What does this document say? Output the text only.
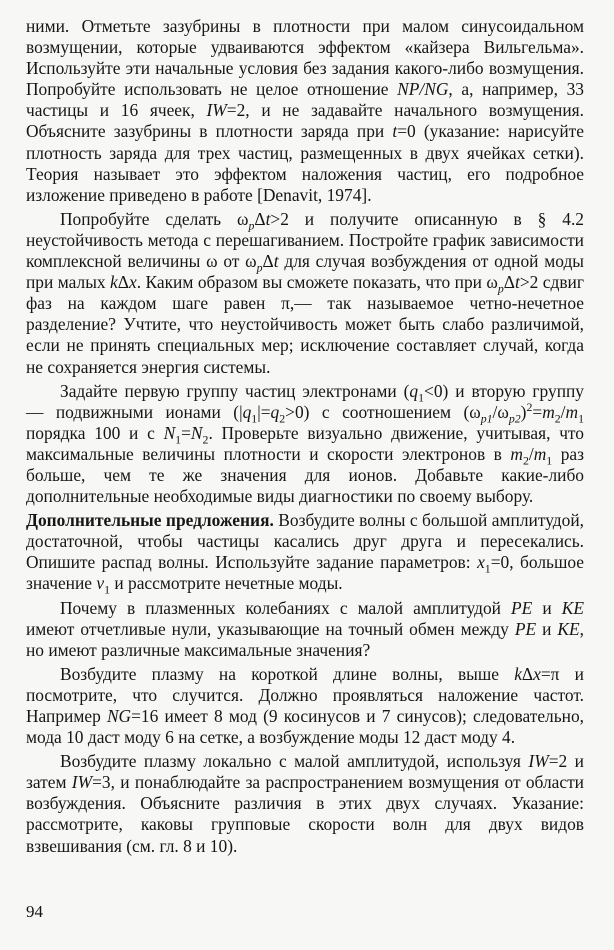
ними. Отметьте зазубрины в плотности при малом синусоидальном возмущении, которые удваиваются эффектом «кайзера Вильгельма». Используйте эти начальные условия без задания какого-либо возмущения. Попробуйте использовать не целое отношение NP/NG, а, например, 33 частицы и 16 ячеек, IW=2, и не задавайте начального возмущения. Объясните зазубрины в плотности заряда при t=0 (указание: нарисуйте плотность заряда для трех частиц, размещенных в двух ячейках сетки). Теория называет это эффектом наложения частиц, его подробное изложение приведено в работе [Denavit, 1974].

Попробуйте сделать $\omega_p\Delta t>2$ и получите описанную в § 4.2 неустойчивость метода с перешагиванием. Постройте график зависимости комплексной величины ω от $\omega_p\Delta t$ для случая возбуждения от одной моды при малых kΔx. Каким образом вы сможете показать, что при $\omega_p\Delta t>2$ сдвиг фаз на каждом шаге равен π,— так называемое четно-нечетное разделение? Учтите, что неустойчивость может быть слабо различимой, если не принять специальных мер; исключение составляет случай, когда не сохраняется энергия системы.

Задайте первую группу частиц электронами $(q_1<0)$ и вторую группу — подвижными ионами $(|q_1|=q_2>0)$ с соотношением $(\omega_{p1}/\omega_{p2})^2=m_2/m_1$ порядка 100 и с $N_1=N_2$. Проверьте визуально движение, учитывая, что максимальные величины плотности и скорости электронов в $m_2/m_1$ раз больше, чем те же значения для ионов. Добавьте какие-либо дополнительные необходимые виды диагностики по своему выбору.

Дополнительные предложения. Возбудите волны с большой амплитудой, достаточной, чтобы частицы касались друг друга и пересекались. Опишите распад волны. Используйте задание параметров: $x_1=0$, большое значение $v_1$ и рассмотрите нечетные моды.

Почему в плазменных колебаниях с малой амплитудой PE и KE имеют отчетливые нули, указывающие на точный обмен между PE и KE, но имеют различные максимальные значения?

Возбудите плазму на короткой длине волны, выше kΔx=π и посмотрите, что случится. Должно проявляться наложение частот. Например NG=16 имеет 8 мод (9 косинусов и 7 синусов); следовательно, мода 10 даст моду 6 на сетке, а возбуждение моды 12 даст моду 4.

Возбудите плазму локально с малой амплитудой, используя IW=2 и затем IW=3, и понаблюдайте за распространением возмущения от области возбуждения. Объясните различия в этих двух случаях. Указание: рассмотрите, каковы групповые скорости волн для двух видов взвешивания (см. гл. 8 и 10).

94
